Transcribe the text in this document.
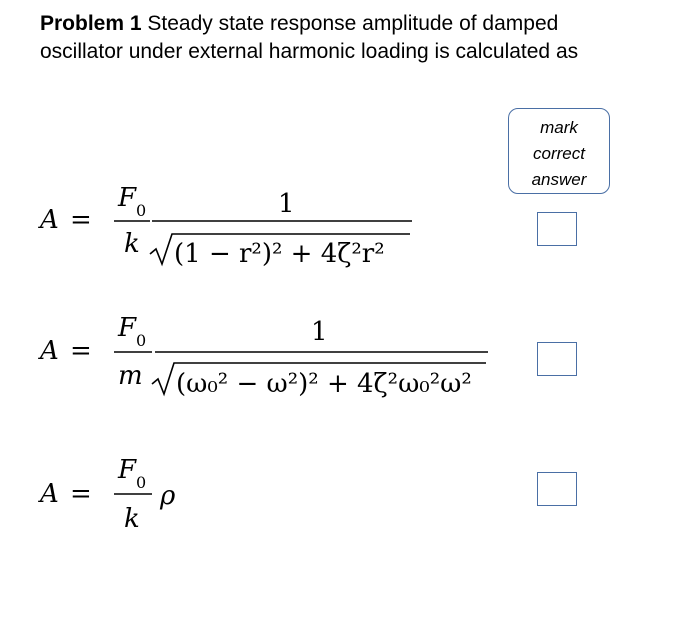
Problem 1 Steady state response amplitude of damped oscillator under external harmonic loading is calculated as
mark
correct
answer
A =
F 0
k
1
(1 − r²)² + 4ζ²r²
A =
F 0
m
1
(ω₀² − ω²)² + 4ζ²ω₀²ω²
A =
F 0
k
ρ
